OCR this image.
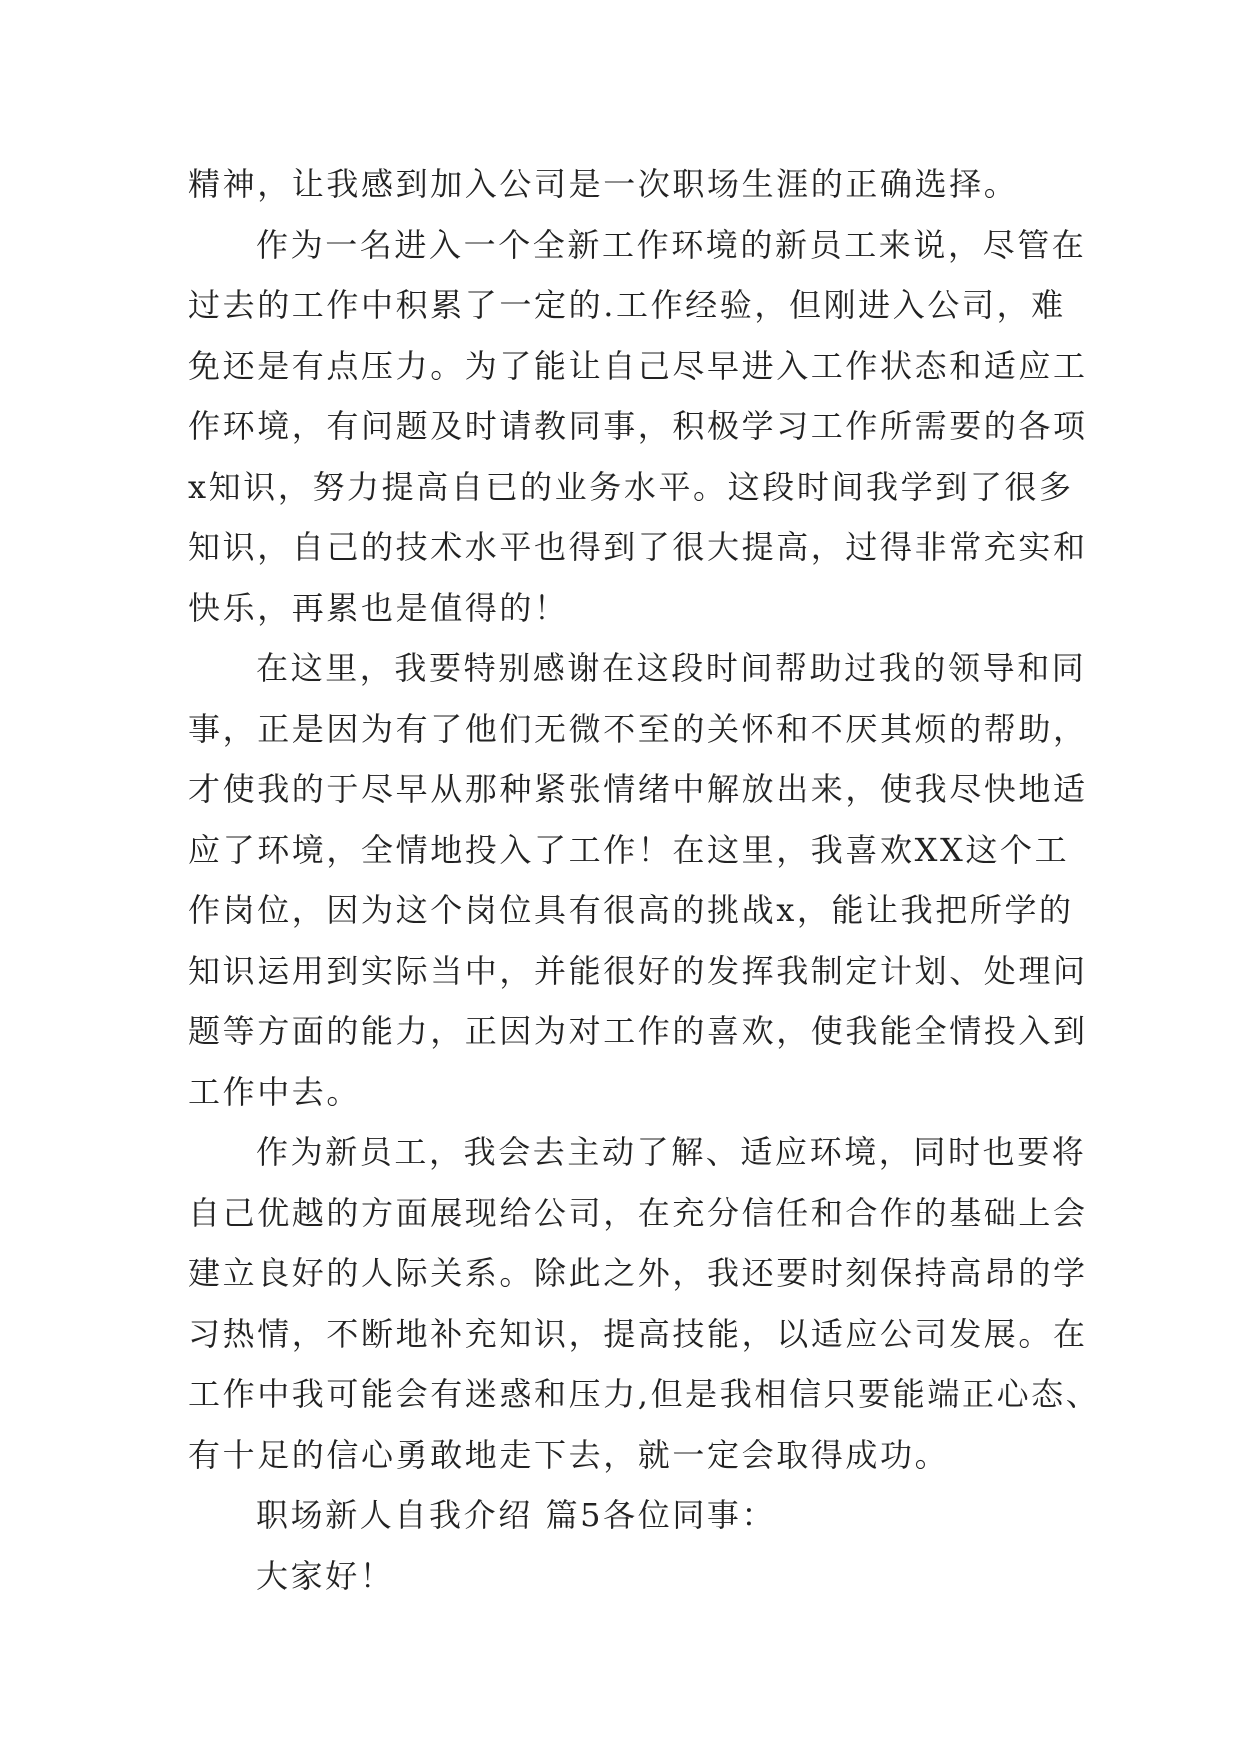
精神，让我感到加入公司是一次职场生涯的正确选择。
作为一名进入一个全新工作环境的新员工来说，尽管在
过去的工作中积累了一定的.工作经验，但刚进入公司，难
免还是有点压力。为了能让自己尽早进入工作状态和适应工
作环境，有问题及时请教同事，积极学习工作所需要的各项
x知识，努力提高自已的业务水平。这段时间我学到了很多
知识，自己的技术水平也得到了很大提高，过得非常充实和
快乐，再累也是值得的！
在这里，我要特别感谢在这段时间帮助过我的领导和同
事，正是因为有了他们无微不至的关怀和不厌其烦的帮助，
才使我的于尽早从那种紧张情绪中解放出来，使我尽快地适
应了环境，全情地投入了工作！在这里，我喜欢XX这个工
作岗位，因为这个岗位具有很高的挑战x，能让我把所学的
知识运用到实际当中，并能很好的发挥我制定计划、处理问
题等方面的能力，正因为对工作的喜欢，使我能全情投入到
工作中去。
作为新员工，我会去主动了解、适应环境，同时也要将
自己优越的方面展现给公司，在充分信任和合作的基础上会
建立良好的人际关系。除此之外，我还要时刻保持高昂的学
习热情，不断地补充知识，提高技能，以适应公司发展。在
工作中我可能会有迷惑和压力,但是我相信只要能端正心态、
有十足的信心勇敢地走下去，就一定会取得成功。
职场新人自我介绍 篇5各位同事：
大家好！
